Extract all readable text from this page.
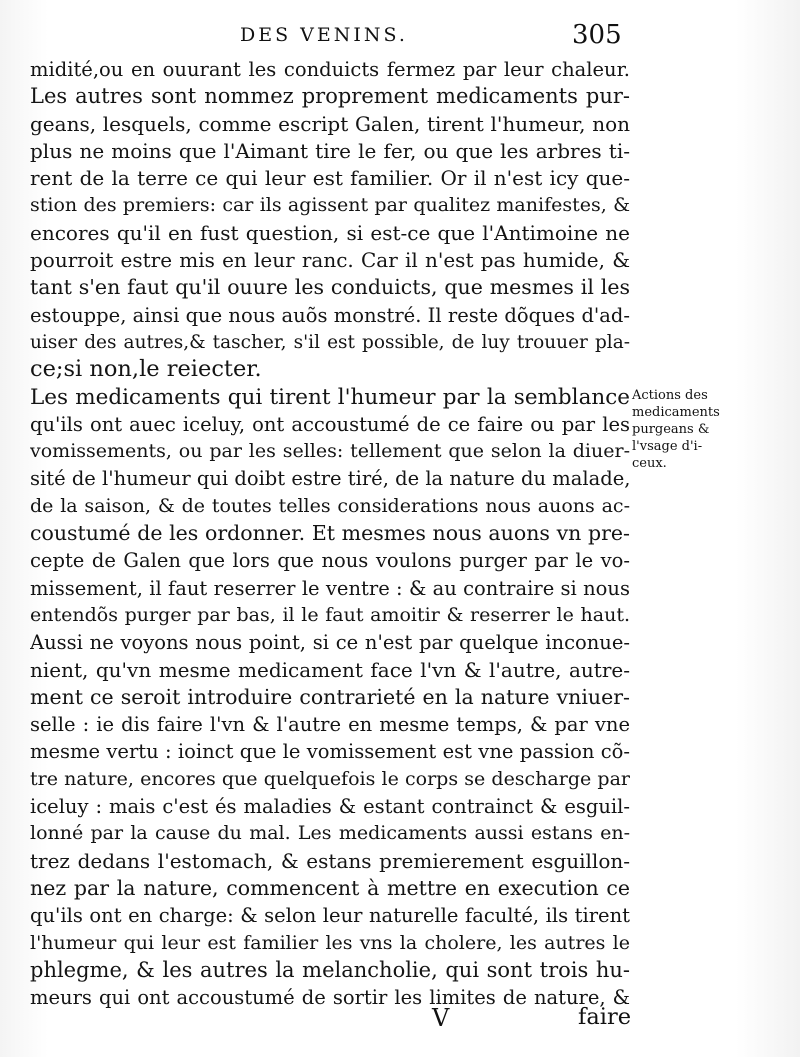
DES VENINS.	305
midité,ou en ouurant les conduicts fermez par leur chaleur.
Les autres sont nommez proprement medicaments pur-
geans, lesquels, comme escript Galen, tirent l'humeur, non
plus ne moins que l'Aimant tire le fer, ou que les arbres ti-
rent de la terre ce qui leur est familier. Or il n'est icy que-
stion des premiers: car ils agissent par qualitez manifestes, &
encores qu'il en fust question, si est-ce que l'Antimoine ne
pourroit estre mis en leur ranc. Car il n'est pas humide, &
tant s'en faut qu'il ouure les conduicts, que mesmes il les
estouppe, ainsi que nous auõs monstré. Il reste dõques d'ad-
uiser des autres,& tascher, s'il est possible, de luy trouuer pla-
ce;si non,le reiecter.
Les medicaments qui tirent l'humeur par la semblance
qu'ils ont auec iceluy, ont accoustumé de ce faire ou par les
vomissements, ou par les selles: tellement que selon la diuer-
sité de l'humeur qui doibt estre tiré, de la nature du malade,
de la saison, & de toutes telles considerations nous auons ac-
coustumé de les ordonner. Et mesmes nous auons vn pre-
cepte de Galen que lors que nous voulons purger par le vo-
missement, il faut reserrer le ventre : & au contraire si nous
entendõs purger par bas, il le faut amoitir & reserrer le haut.
Aussi ne voyons nous point, si ce n'est par quelque inconue-
nient, qu'vn mesme medicament face l'vn & l'autre, autre-
ment ce seroit introduire contrarieté en la nature vniuer-
selle : ie dis faire l'vn & l'autre en mesme temps, & par vne
mesme vertu : ioinct que le vomissement est vne passion cõ-
tre nature, encores que quelquefois le corps se descharge par
iceluy : mais c'est és maladies & estant contrainct & esguil-
lonné par la cause du mal. Les medicaments aussi estans en-
trez dedans l'estomach, & estans premierement esguillon-
nez par la nature, commencent à mettre en execution ce
qu'ils ont en charge: & selon leur naturelle faculté, ils tirent
l'humeur qui leur est familier les vns la cholere, les autres le
phlegme, & les autres la melancholie, qui sont trois hu-
meurs qui ont accoustumé de sortir les limites de nature, &
Actions des
medicaments
purgeans &
l'vsage d'i-
ceux.
V	faire
